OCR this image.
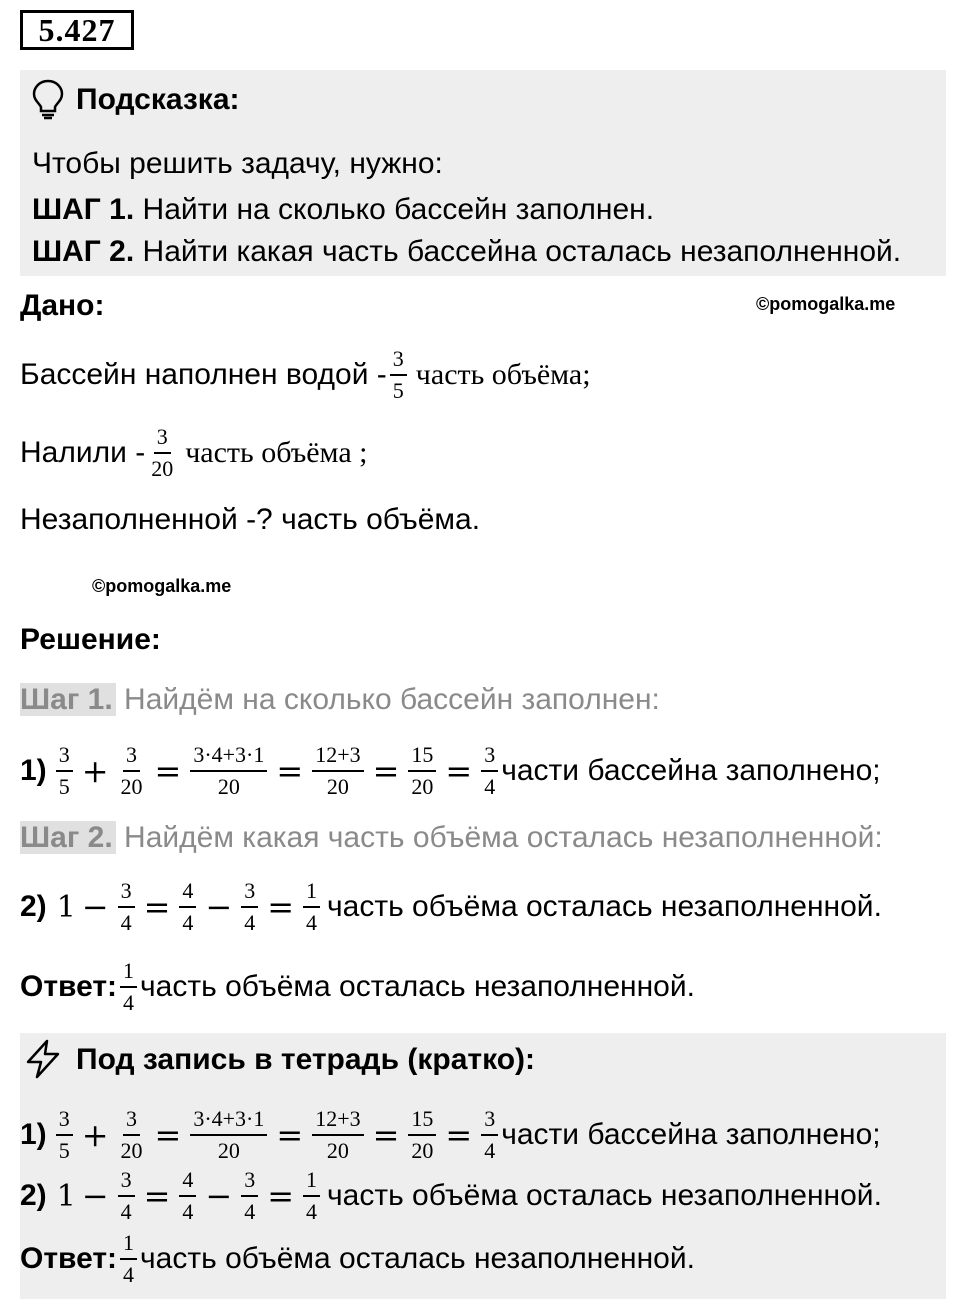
5.427
Подсказка:
Чтобы решить задачу, нужно:
ШАГ 1. Найти на сколько бассейн заполнен.
ШАГ 2. Найти какая часть бассейна осталась незаполненной.
Дано:	©pomogalka.me
Бассейн наполнен водой - $\frac{3}{5}$ часть объёма;
Налили - $\frac{3}{20}$ часть объёма ;
Незаполненной -? часть объёма.
©pomogalka.me
Решение:
Шаг 1. Найдём на сколько бассейн заполнен:
$1) \frac{3}{5} + \frac{3}{20} = \frac{3\cdot 4+3\cdot 1}{20} = \frac{12+3}{20} = \frac{15}{20} = \frac{3}{4}$ части бассейна заполнено;
Шаг 2. Найдём какая часть объёма осталась незаполненной:
2) $1 - \frac{3}{4} = \frac{4}{4} - \frac{3}{4} = \frac{1}{4}$ часть объёма осталась незаполненной.
Ответ: $\frac{1}{4}$ часть объёма осталась незаполненной.
Под запись в тетрадь (кратко):
$1) \frac{3}{5} + \frac{3}{20} = \frac{3\cdot 4+3\cdot 1}{20} = \frac{12+3}{20} = \frac{15}{20} = \frac{3}{4}$ части бассейна заполнено;
2) $1 - \frac{3}{4} = \frac{4}{4} - \frac{3}{4} = \frac{1}{4}$ часть объёма осталась незаполненной.
Ответ: $\frac{1}{4}$ часть объёма осталась незаполненной.
